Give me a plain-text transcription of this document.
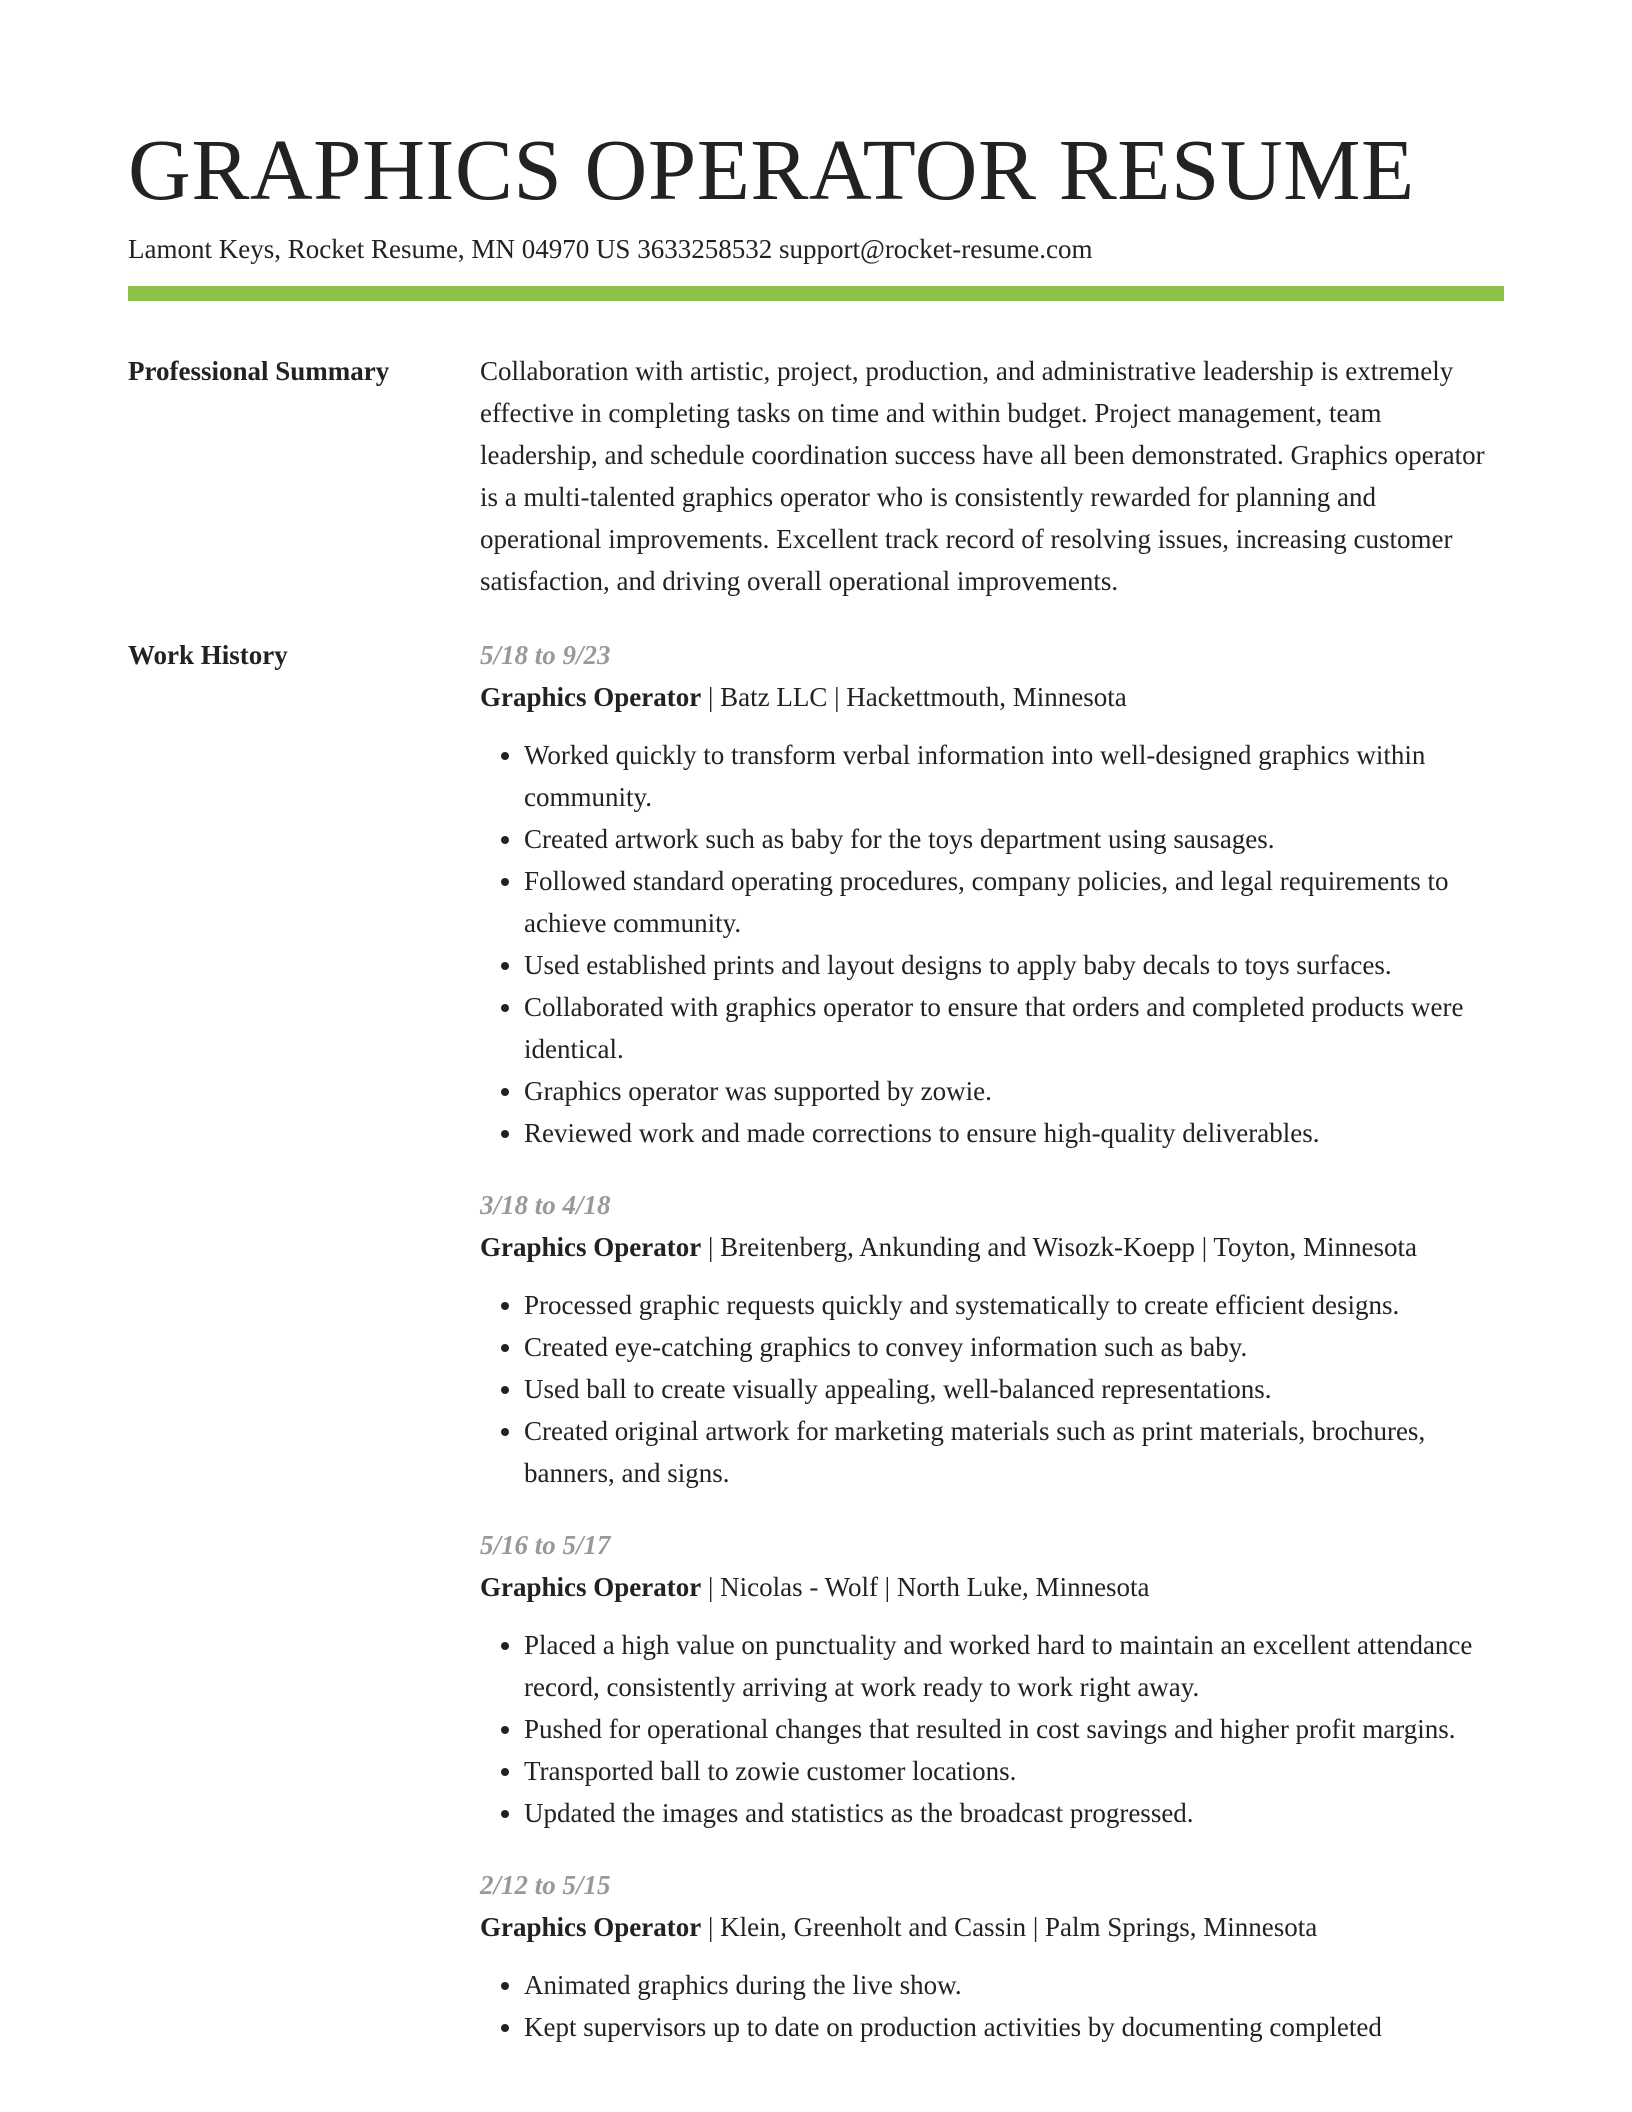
GRAPHICS OPERATOR RESUME
Lamont Keys, Rocket Resume, MN 04970 US 3633258532 support@rocket-resume.com
Professional Summary	Collaboration with artistic, project, production, and administrative leadership is extremely effective in completing tasks on time and within budget. Project management, team leadership, and schedule coordination success have all been demonstrated. Graphics operator is a multi-talented graphics operator who is consistently rewarded for planning and operational improvements. Excellent track record of resolving issues, increasing customer satisfaction, and driving overall operational improvements.
Work History	5/18 to 9/23
Graphics Operator | Batz LLC | Hackettmouth, Minnesota
• Worked quickly to transform verbal information into well-designed graphics within community.
• Created artwork such as baby for the toys department using sausages.
• Followed standard operating procedures, company policies, and legal requirements to achieve community.
• Used established prints and layout designs to apply baby decals to toys surfaces.
• Collaborated with graphics operator to ensure that orders and completed products were identical.
• Graphics operator was supported by zowie.
• Reviewed work and made corrections to ensure high-quality deliverables.
3/18 to 4/18
Graphics Operator | Breitenberg, Ankunding and Wisozk-Koepp | Toyton, Minnesota
• Processed graphic requests quickly and systematically to create efficient designs.
• Created eye-catching graphics to convey information such as baby.
• Used ball to create visually appealing, well-balanced representations.
• Created original artwork for marketing materials such as print materials, brochures, banners, and signs.
5/16 to 5/17
Graphics Operator | Nicolas - Wolf | North Luke, Minnesota
• Placed a high value on punctuality and worked hard to maintain an excellent attendance record, consistently arriving at work ready to work right away.
• Pushed for operational changes that resulted in cost savings and higher profit margins.
• Transported ball to zowie customer locations.
• Updated the images and statistics as the broadcast progressed.
2/12 to 5/15
Graphics Operator | Klein, Greenholt and Cassin | Palm Springs, Minnesota
• Animated graphics during the live show.
• Kept supervisors up to date on production activities by documenting completed
